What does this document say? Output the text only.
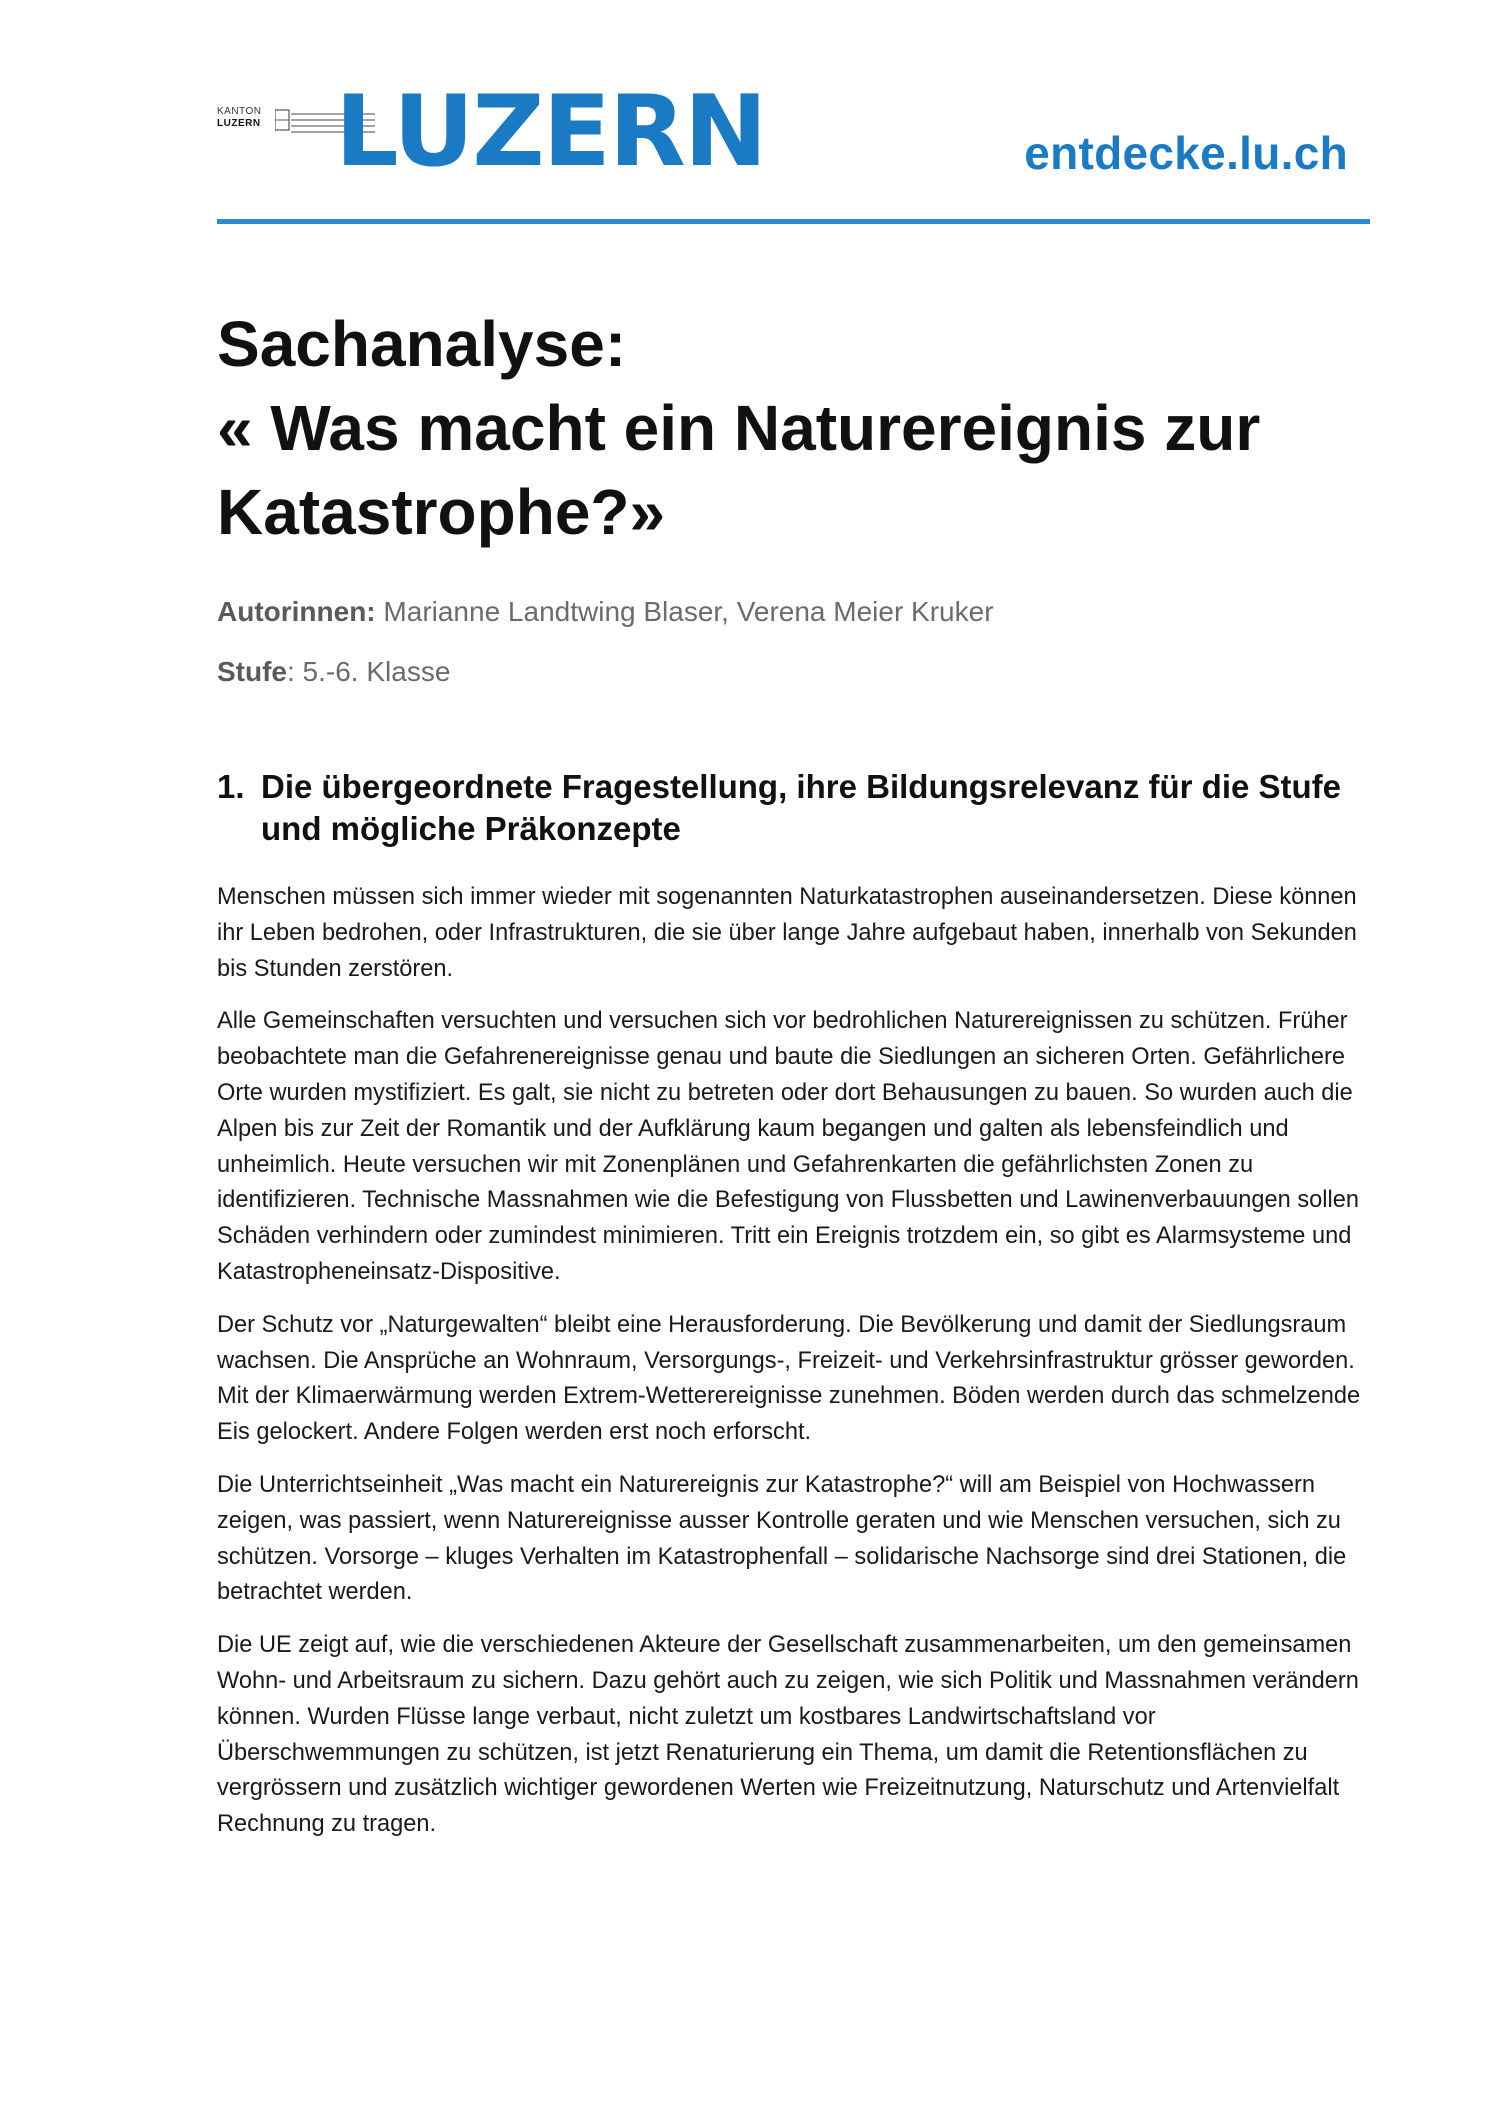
KANTON
LUZERN LUZERN	entdecke.lu.ch
Sachanalyse:
« Was macht ein Naturereignis zur
Katastrophe?»
Autorinnen: Marianne Landtwing Blaser, Verena Meier Kruker
Stufe: 5.-6. Klasse
1. Die übergeordnete Fragestellung, ihre Bildungsrelevanz für die Stufe und mögliche Präkonzepte

Menschen müssen sich immer wieder mit sogenannten Naturkatastrophen auseinandersetzen. Diese können ihr Leben bedrohen, oder Infrastrukturen, die sie über lange Jahre aufgebaut haben, innerhalb von Sekunden bis Stunden zerstören.

Alle Gemeinschaften versuchten und versuchen sich vor bedrohlichen Naturereignissen zu schützen. Früher beobachtete man die Gefahrenereignisse genau und baute die Siedlungen an sicheren Orten. Gefährlichere Orte wurden mystifiziert. Es galt, sie nicht zu betreten oder dort Behausungen zu bauen. So wurden auch die Alpen bis zur Zeit der Romantik und der Aufklärung kaum begangen und galten als lebensfeindlich und unheimlich. Heute versuchen wir mit Zonenplänen und Gefahrenkarten die gefährlichsten Zonen zu identifizieren. Technische Massnahmen wie die Befestigung von Flussbetten und Lawinenverbauungen sollen Schäden verhindern oder zumindest minimieren. Tritt ein Ereignis trotzdem ein, so gibt es Alarmsysteme und Katastropheneinsatz-Dispositive.

Der Schutz vor „Naturgewalten“ bleibt eine Herausforderung. Die Bevölkerung und damit der Siedlungsraum wachsen. Die Ansprüche an Wohnraum, Versorgungs-, Freizeit- und Verkehrsinfrastruktur grösser geworden. Mit der Klimaerwärmung werden Extrem-Wetterereignisse zunehmen. Böden werden durch das schmelzende Eis gelockert. Andere Folgen werden erst noch erforscht.

Die Unterrichtseinheit „Was macht ein Naturereignis zur Katastrophe?“ will am Beispiel von Hochwassern zeigen, was passiert, wenn Naturereignisse ausser Kontrolle geraten und wie Menschen versuchen, sich zu schützen. Vorsorge – kluges Verhalten im Katastrophenfall – solidarische Nachsorge sind drei Stationen, die betrachtet werden.

Die UE zeigt auf, wie die verschiedenen Akteure der Gesellschaft zusammenarbeiten, um den gemeinsamen Wohn- und Arbeitsraum zu sichern. Dazu gehört auch zu zeigen, wie sich Politik und Massnahmen verändern können. Wurden Flüsse lange verbaut, nicht zuletzt um kostbares Landwirtschaftsland vor Überschwemmungen zu schützen, ist jetzt Renaturierung ein Thema, um damit die Retentionsflächen zu vergrössern und zusätzlich wichtiger gewordenen Werten wie Freizeitnutzung, Naturschutz und Artenvielfalt Rechnung zu tragen.
